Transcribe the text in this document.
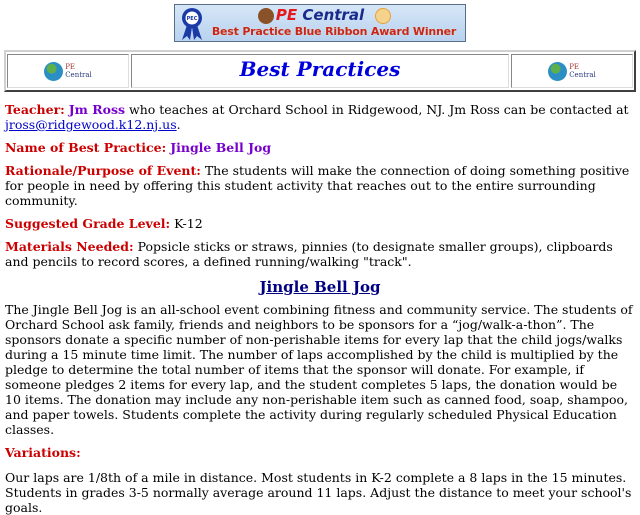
PEC	PE Central
Best Practice Blue Ribbon Award Winner
PE
Central	Best Practices	PE
Central

Teacher: Jm Ross who teaches at Orchard School in Ridgewood, NJ. Jm Ross can be contacted at jross@ridgewood.k12.nj.us.

Name of Best Practice: Jingle Bell Jog

Rationale/Purpose of Event: The students will make the connection of doing something positive for people in need by offering this student activity that reaches out to the entire surrounding community.

Suggested Grade Level: K-12

Materials Needed: Popsicle sticks or straws, pinnies (to designate smaller groups), clipboards and pencils to record scores, a defined running/walking "track".

Jingle Bell Jog

The Jingle Bell Jog is an all-school event combining fitness and community service. The students of Orchard School ask family, friends and neighbors to be sponsors for a “jog/walk-a-thon”. The sponsors donate a specific number of non-perishable items for every lap that the child jogs/walks during a 15 minute time limit. The number of laps accomplished by the child is multiplied by the pledge to determine the total number of items that the sponsor will donate. For example, if someone pledges 2 items for every lap, and the student completes 5 laps, the donation would be 10 items. The donation may include any non-perishable item such as canned food, soap, shampoo, and paper towels. Students complete the activity during regularly scheduled Physical Education classes.

Variations:

Our laps are 1/8th of a mile in distance. Most students in K-2 complete a 8 laps in the 15 minutes. Students in grades 3-5 normally average around 11 laps. Adjust the distance to meet your school's goals.
